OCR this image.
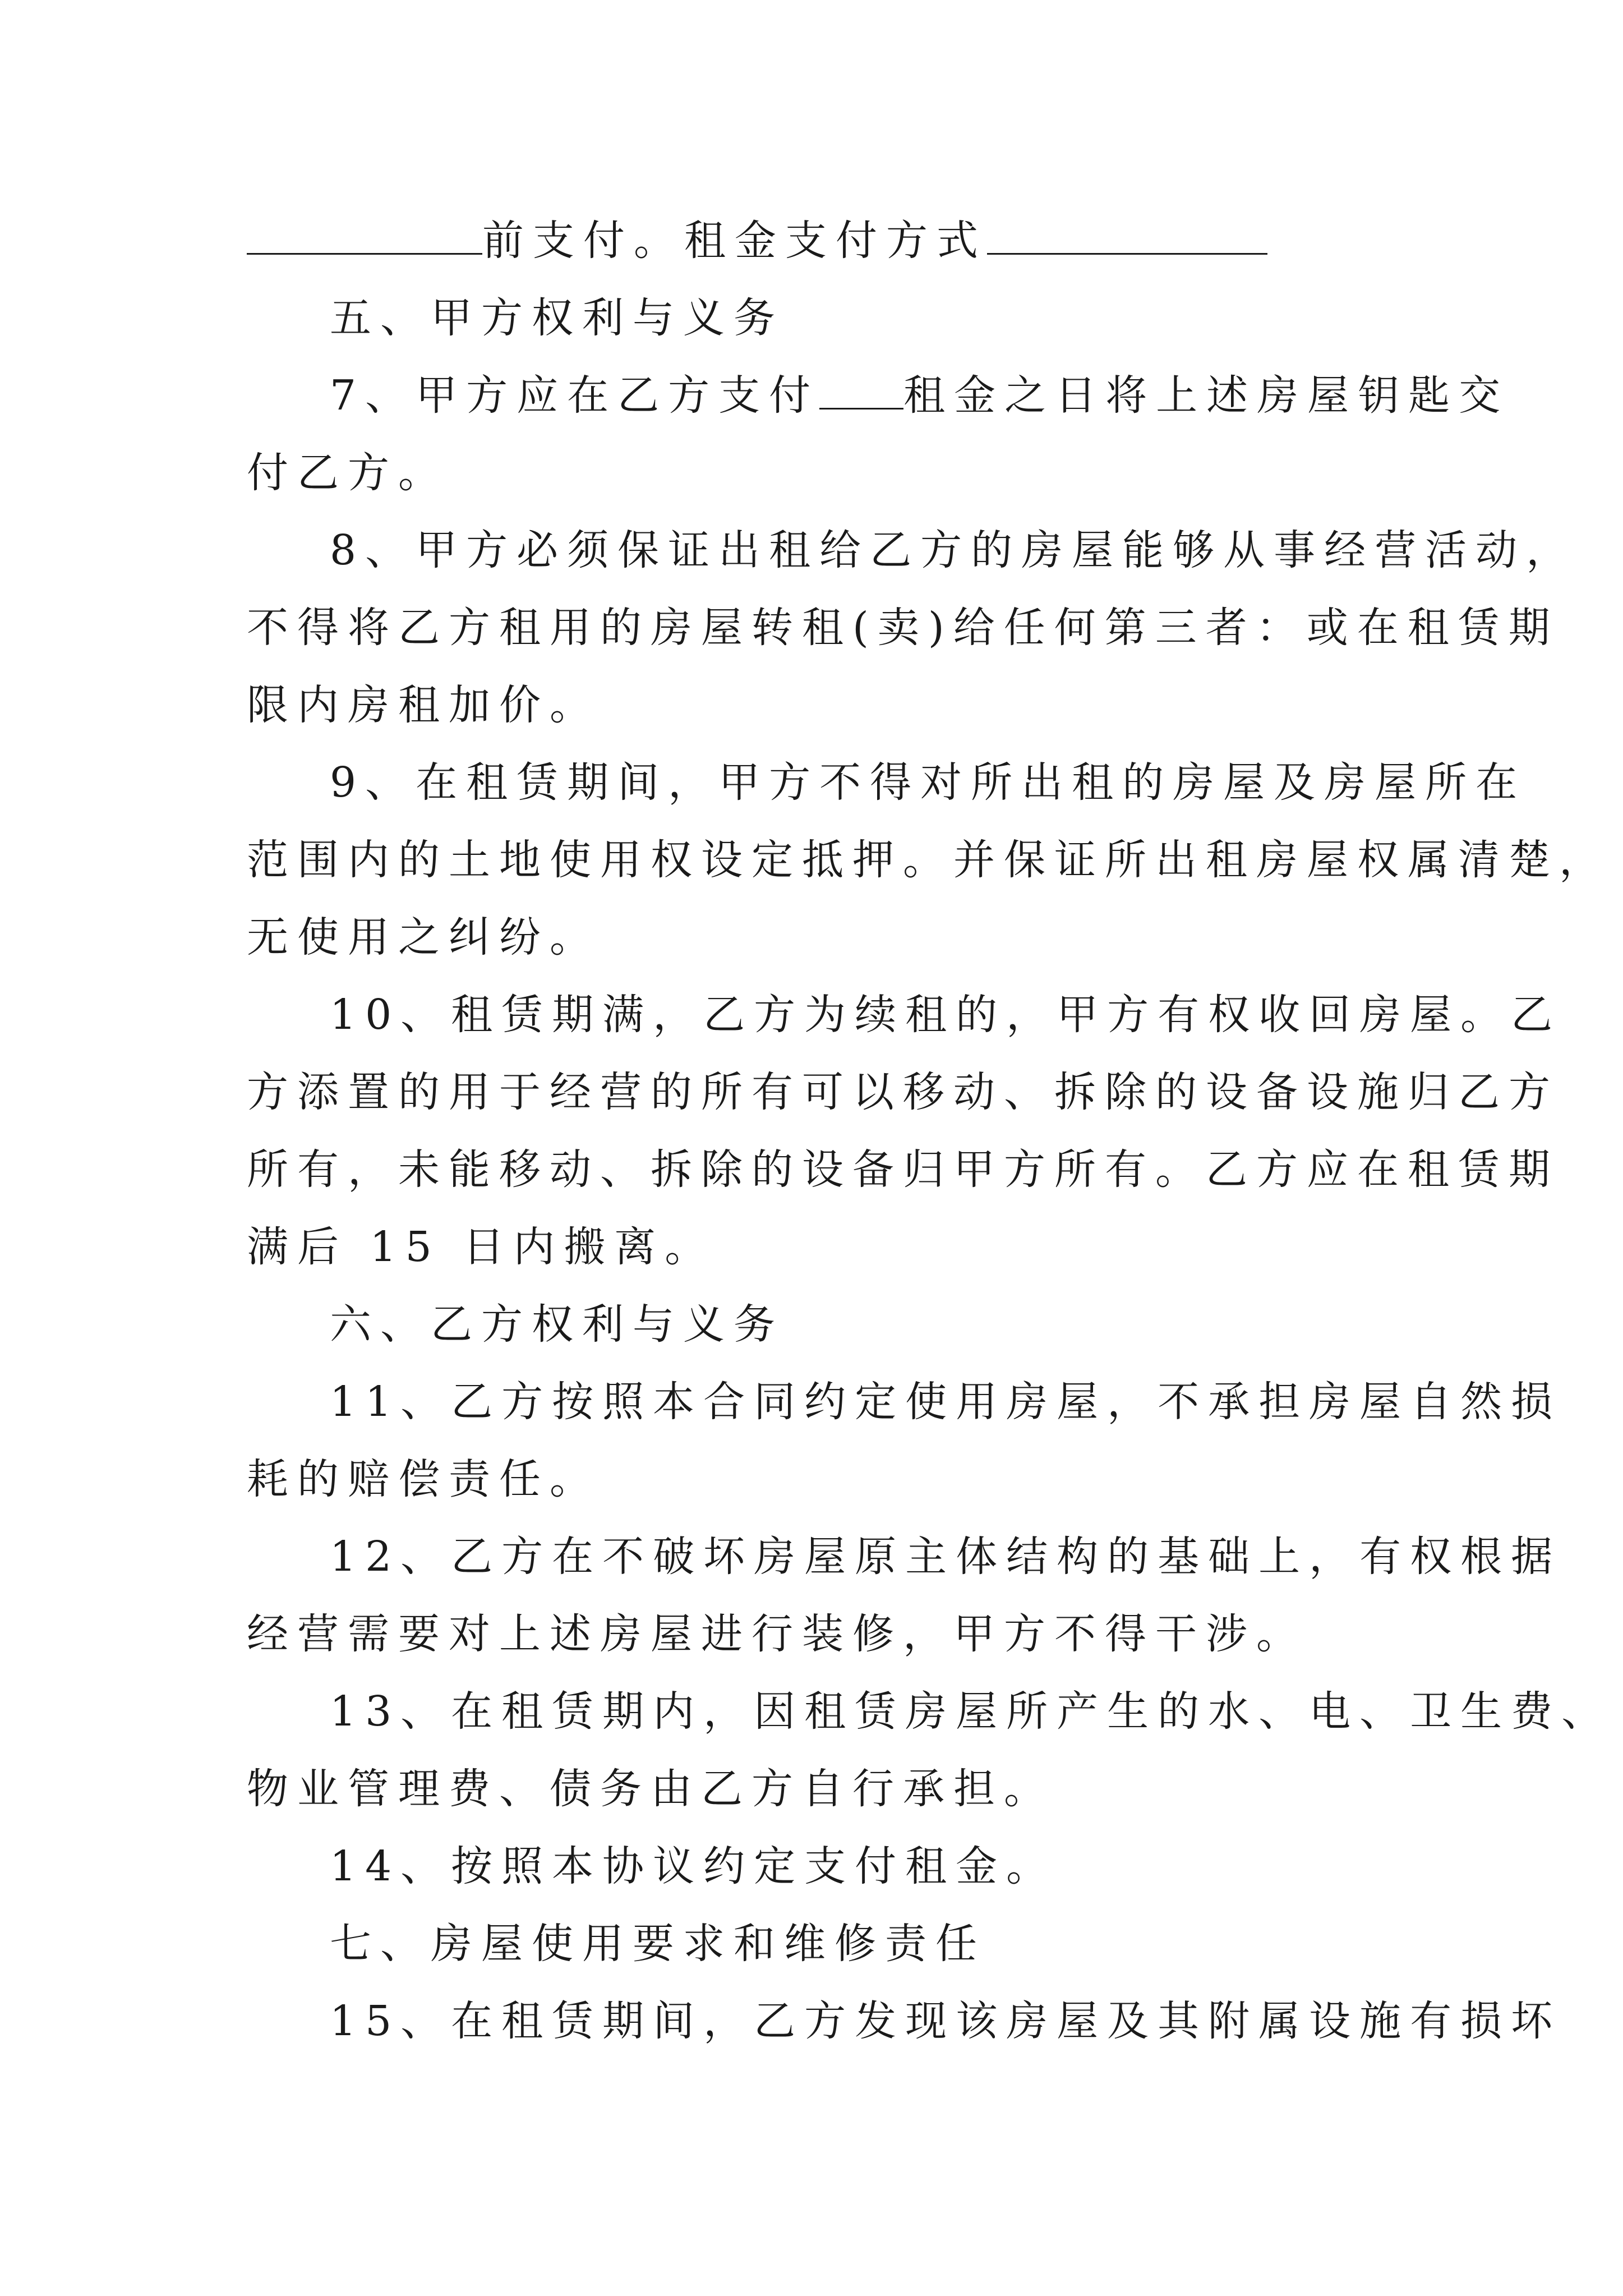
前支付。租金支付方式
五、甲方权利与义务
7、甲方应在乙方支付 租金之日将上述房屋钥匙交
付乙方。
8、甲方必须保证出租给乙方的房屋能够从事经营活动，
不得将乙方租用的房屋转租(卖)给任何第三者：或在租赁期
限内房租加价。
9、在租赁期间，甲方不得对所出租的房屋及房屋所在
范围内的土地使用权设定抵押。并保证所出租房屋权属清楚，
无使用之纠纷。
10、租赁期满，乙方为续租的，甲方有权收回房屋。乙
方添置的用于经营的所有可以移动、拆除的设备设施归乙方
所有，未能移动、拆除的设备归甲方所有。乙方应在租赁期
满后 15 日内搬离。
六、乙方权利与义务
11、乙方按照本合同约定使用房屋，不承担房屋自然损
耗的赔偿责任。
12、乙方在不破坏房屋原主体结构的基础上，有权根据
经营需要对上述房屋进行装修，甲方不得干涉。
13、在租赁期内，因租赁房屋所产生的水、电、卫生费、
物业管理费、债务由乙方自行承担。
14、按照本协议约定支付租金。
七、房屋使用要求和维修责任
15、在租赁期间，乙方发现该房屋及其附属设施有损坏
